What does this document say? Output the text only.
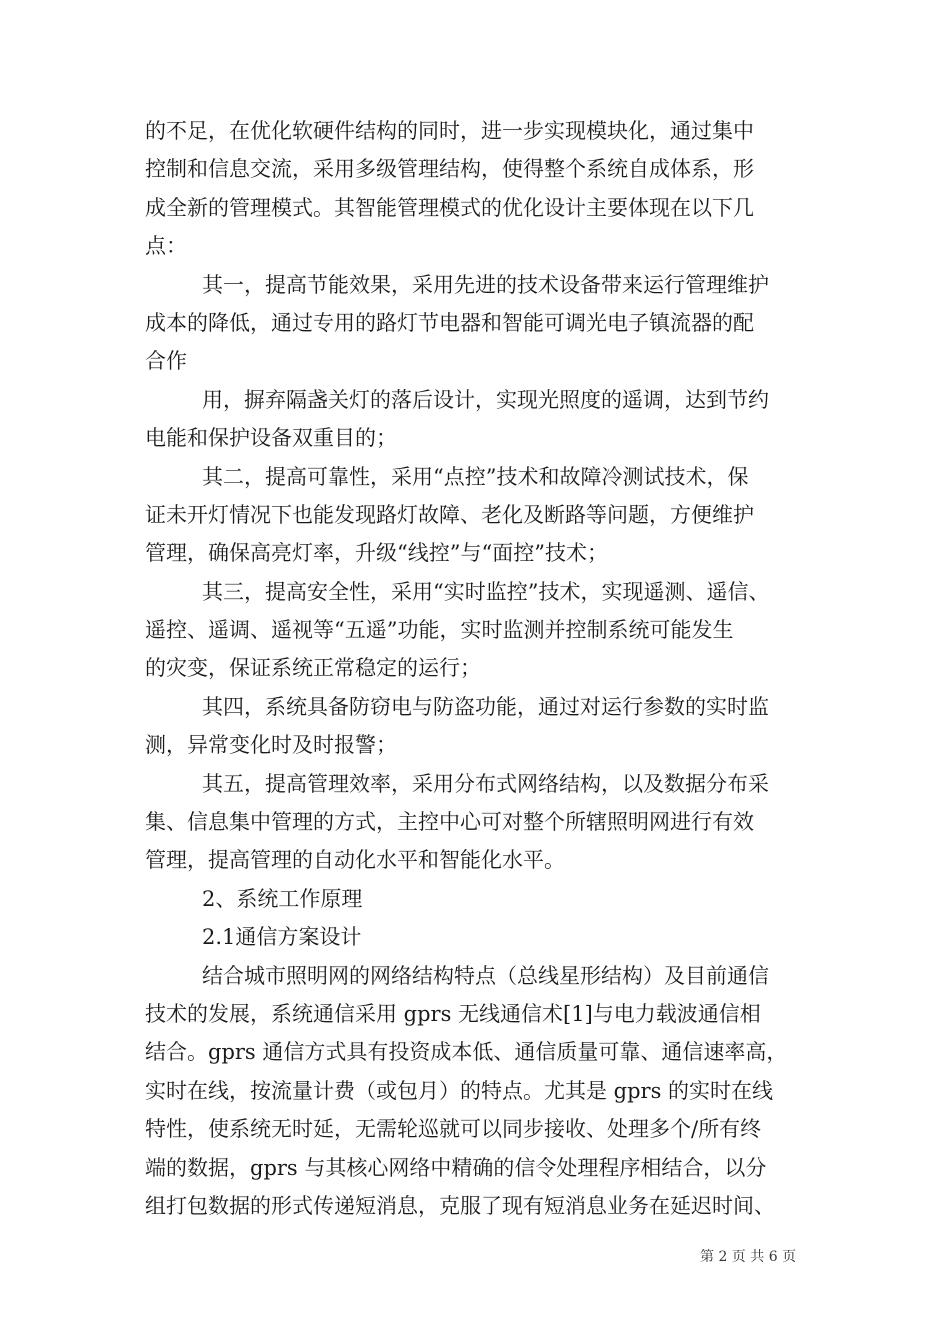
的不足，在优化软硬件结构的同时，进一步实现模块化，通过集中
控制和信息交流，采用多级管理结构，使得整个系统自成体系，形
成全新的管理模式。其智能管理模式的优化设计主要体现在以下几
点：
其一，提高节能效果，采用先进的技术设备带来运行管理维护
成本的降低，通过专用的路灯节电器和智能可调光电子镇流器的配
合作
用，摒弃隔盏关灯的落后设计，实现光照度的遥调，达到节约
电能和保护设备双重目的；
其二，提高可靠性，采用“点控”技术和故障冷测试技术，保
证未开灯情况下也能发现路灯故障、老化及断路等问题，方便维护
管理，确保高亮灯率，升级“线控”与“面控”技术；
其三，提高安全性，采用“实时监控”技术，实现遥测、遥信、
遥控、遥调、遥视等“五遥”功能，实时监测并控制系统可能发生
的灾变，保证系统正常稳定的运行；
其四，系统具备防窃电与防盗功能，通过对运行参数的实时监
测，异常变化时及时报警；
其五，提高管理效率，采用分布式网络结构，以及数据分布采
集、信息集中管理的方式，主控中心可对整个所辖照明网进行有效
管理，提高管理的自动化水平和智能化水平。
2、系统工作原理
2.1通信方案设计
结合城市照明网的网络结构特点（总线星形结构）及目前通信
技术的发展，系统通信采用 gprs 无线通信术[1]与电力载波通信相
结合。gprs 通信方式具有投资成本低、通信质量可靠、通信速率高，
实时在线，按流量计费（或包月）的特点。尤其是 gprs 的实时在线
特性，使系统无时延，无需轮巡就可以同步接收、处理多个/所有终
端的数据，gprs 与其核心网络中精确的信令处理程序相结合，以分
组打包数据的形式传递短消息，克服了现有短消息业务在延迟时间、
第 2 页 共 6 页
